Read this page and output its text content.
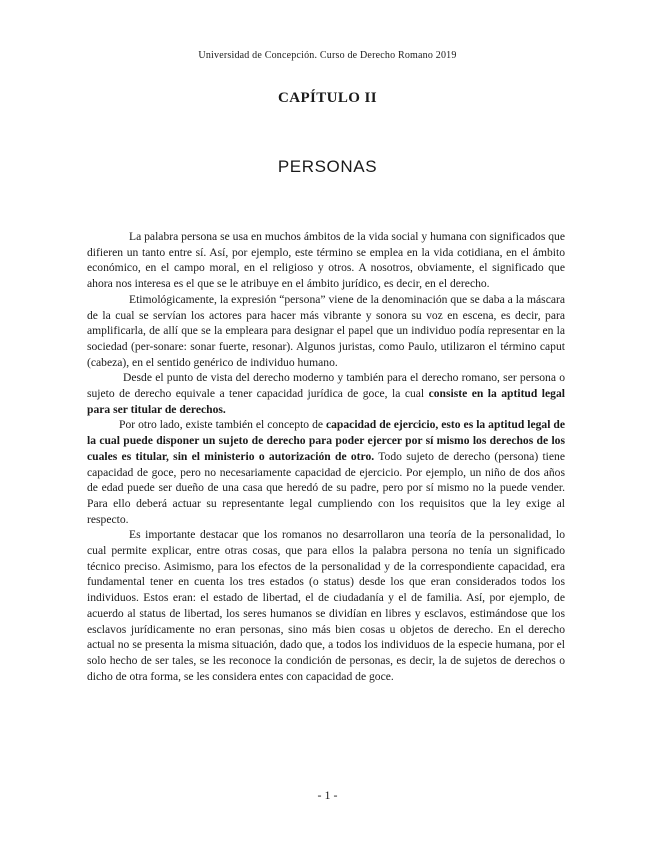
Universidad de Concepción. Curso de Derecho Romano 2019
CAPÍTULO II
PERSONAS

La palabra persona se usa en muchos ámbitos de la vida social y humana con significados que difieren un tanto entre sí. Así, por ejemplo, este término se emplea en la vida cotidiana, en el ámbito económico, en el campo moral, en el religioso y otros. A nosotros, obviamente, el significado que ahora nos interesa es el que se le atribuye en el ámbito jurídico, es decir, en el derecho.

Etimológicamente, la expresión “persona” viene de la denominación que se daba a la máscara de la cual se servían los actores para hacer más vibrante y sonora su voz en escena, es decir, para amplificarla, de allí que se la empleara para designar el papel que un individuo podía representar en la sociedad (per-sonare: sonar fuerte, resonar). Algunos juristas, como Paulo, utilizaron el término caput (cabeza), en el sentido genérico de individuo humano.

Desde el punto de vista del derecho moderno y también para el derecho romano, ser persona o sujeto de derecho equivale a tener capacidad jurídica de goce, la cual consiste en la aptitud legal para ser titular de derechos.

Por otro lado, existe también el concepto de capacidad de ejercicio, esto es la aptitud legal de la cual puede disponer un sujeto de derecho para poder ejercer por sí mismo los derechos de los cuales es titular, sin el ministerio o autorización de otro. Todo sujeto de derecho (persona) tiene capacidad de goce, pero no necesariamente capacidad de ejercicio. Por ejemplo, un niño de dos años de edad puede ser dueño de una casa que heredó de su padre, pero por sí mismo no la puede vender. Para ello deberá actuar su representante legal cumpliendo con los requisitos que la ley exige al respecto.

Es importante destacar que los romanos no desarrollaron una teoría de la personalidad, lo cual permite explicar, entre otras cosas, que para ellos la palabra persona no tenía un significado técnico preciso. Asimismo, para los efectos de la personalidad y de la correspondiente capacidad, era fundamental tener en cuenta los tres estados (o status) desde los que eran considerados todos los individuos. Estos eran: el estado de libertad, el de ciudadanía y el de familia. Así, por ejemplo, de acuerdo al status de libertad, los seres humanos se dividían en libres y esclavos, estimándose que los esclavos jurídicamente no eran personas, sino más bien cosas u objetos de derecho. En el derecho actual no se presenta la misma situación, dado que, a todos los individuos de la especie humana, por el solo hecho de ser tales, se les reconoce la condición de personas, es decir, la de sujetos de derechos o dicho de otra forma, se les considera entes con capacidad de goce.

- 1 -
